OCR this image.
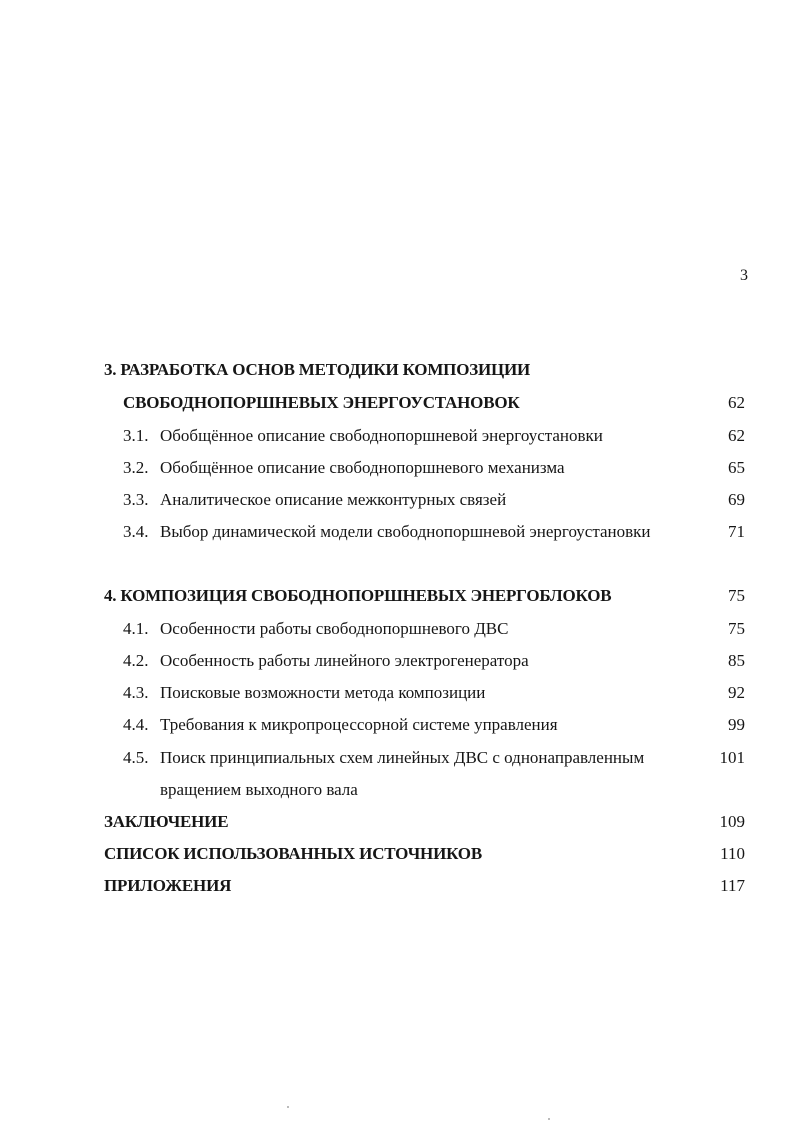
3
3. РАЗРАБОТКА ОСНОВ МЕТОДИКИ КОМПОЗИЦИИ
СВОБОДНОПОРШНЕВЫХ ЭНЕРГОУСТАНОВОК	62
3.1. Обобщённое описание свободнопоршневой энергоустановки	62
3.2. Обобщённое описание свободнопоршневого механизма	65
3.3. Аналитическое описание межконтурных связей	69
3.4. Выбор динамической модели свободнопоршневой энергоустановки	71
4. КОМПОЗИЦИЯ СВОБОДНОПОРШНЕВЫХ ЭНЕРГОБЛОКОВ	75
4.1. Особенности работы свободнопоршневого ДВС	75
4.2. Особенность работы линейного электрогенератора	85
4.3. Поисковые возможности метода композиции	92
4.4. Требования к микропроцессорной системе управления	99
4.5. Поиск принципиальных схем линейных ДВС с однонаправленным	101
вращением выходного вала
ЗАКЛЮЧЕНИЕ	109
СПИСОК ИСПОЛЬЗОВАННЫХ ИСТОЧНИКОВ	110
ПРИЛОЖЕНИЯ	117
